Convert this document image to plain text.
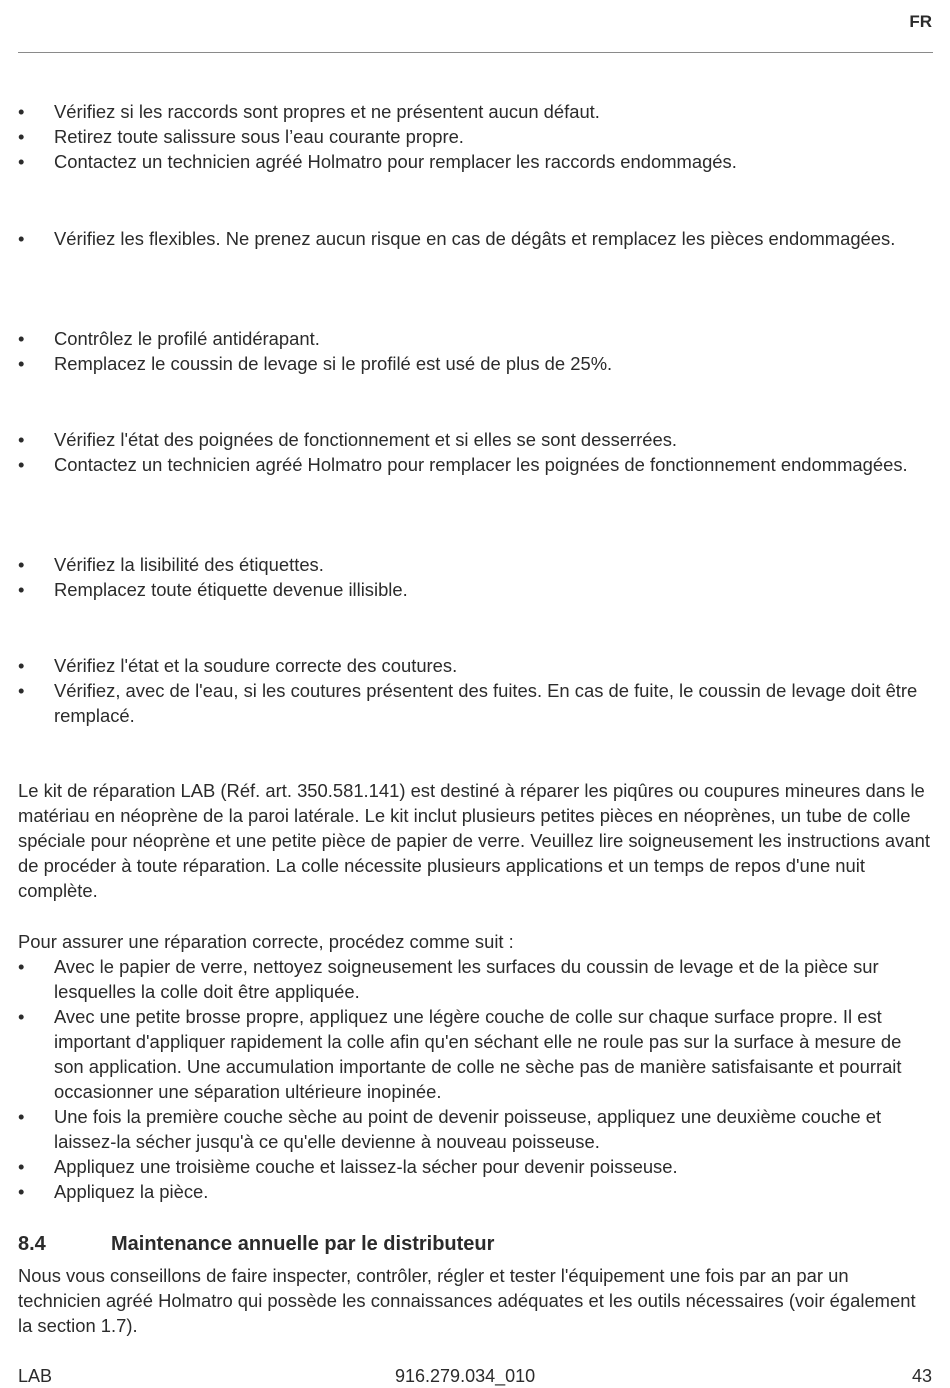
FR
•	Vérifiez si les raccords sont propres et ne présentent aucun défaut.
•	Retirez toute salissure sous l’eau courante propre.
•	Contactez un technicien agréé Holmatro pour remplacer les raccords endommagés.
•	Vérifiez les flexibles. Ne prenez aucun risque en cas de dégâts et remplacez les pièces endommagées.
•	Contrôlez le profilé antidérapant.
•	Remplacez le coussin de levage si le profilé est usé de plus de 25%.
•	Vérifiez l'état des poignées de fonctionnement et si elles se sont desserrées.
•	Contactez un technicien agréé Holmatro pour remplacer les poignées de fonctionnement endommagées.
•	Vérifiez la lisibilité des étiquettes.
•	Remplacez toute étiquette devenue illisible.
•	Vérifiez l'état et la soudure correcte des coutures.
•	Vérifiez, avec de l'eau, si les coutures présentent des fuites. En cas de fuite, le coussin de levage doit être remplacé.

Le kit de réparation LAB (Réf. art. 350.581.141) est destiné à réparer les piqûres ou coupures mineures dans le matériau en néoprène de la paroi latérale. Le kit inclut plusieurs petites pièces en néoprènes, un tube de colle spéciale pour néoprène et une petite pièce de papier de verre. Veuillez lire soigneusement les instructions avant de procéder à toute réparation. La colle nécessite plusieurs applications et un temps de repos d'une nuit complète.

Pour assurer une réparation correcte, procédez comme suit :

•	Avec le papier de verre, nettoyez soigneusement les surfaces du coussin de levage et de la pièce sur lesquelles la colle doit être appliquée.
•	Avec une petite brosse propre, appliquez une légère couche de colle sur chaque surface propre. Il est important d'appliquer rapidement la colle afin qu'en séchant elle ne roule pas sur la surface à mesure de son application. Une accumulation importante de colle ne sèche pas de manière satisfaisante et pourrait occasionner une séparation ultérieure inopinée.
•	Une fois la première couche sèche au point de devenir poisseuse, appliquez une deuxième couche et laissez-la sécher jusqu'à ce qu'elle devienne à nouveau poisseuse.
•	Appliquez une troisième couche et laissez-la sécher pour devenir poisseuse.
•	Appliquez la pièce.
8.4	Maintenance annuelle par le distributeur

Nous vous conseillons de faire inspecter, contrôler, régler et tester l'équipement une fois par an par un technicien agréé Holmatro qui possède les connaissances adéquates et les outils nécessaires (voir également la section 1.7).

LAB	916.279.034_010	43
